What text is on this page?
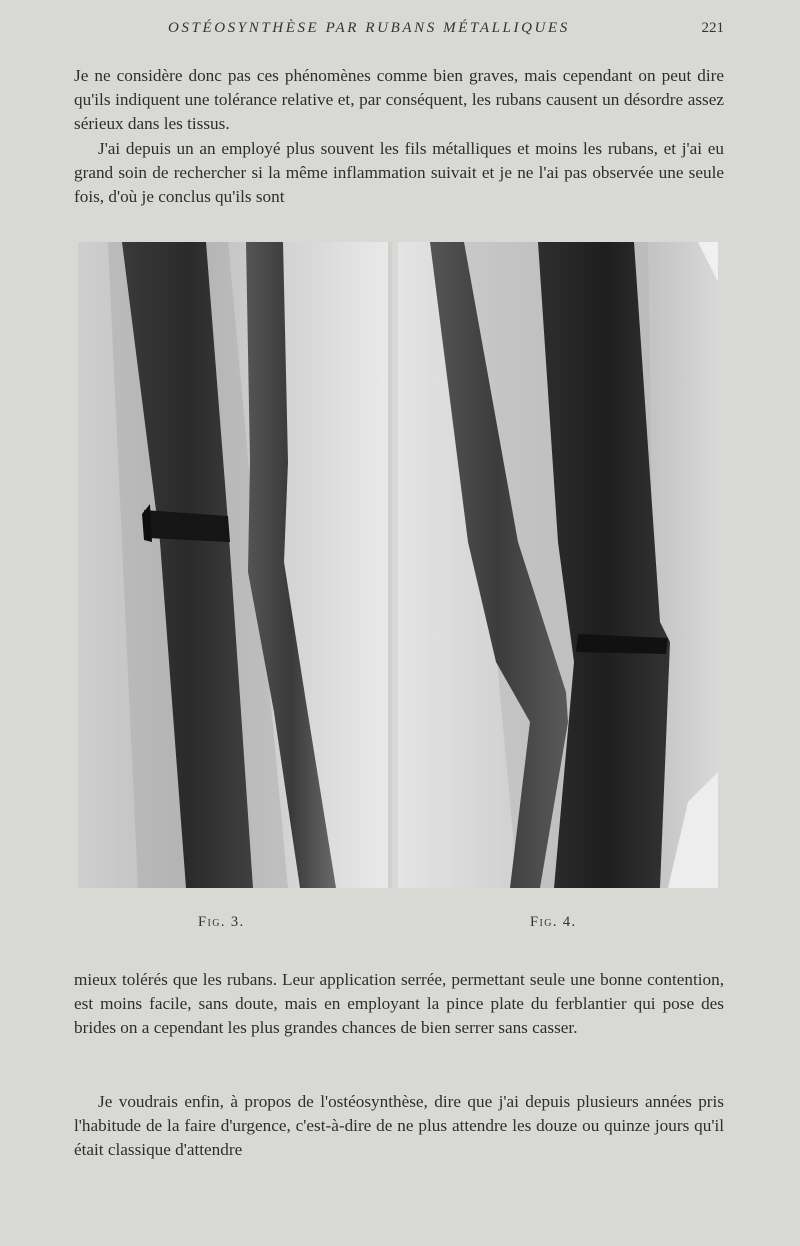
OSTÉOSYNTHÈSE PAR RUBANS MÉTALLIQUES	221

Je ne considère donc pas ces phénomènes comme bien graves, mais cependant on peut dire qu'ils indiquent une tolérance relative et, par conséquent, les rubans causent un désordre assez sérieux dans les tissus.

J'ai depuis un an employé plus souvent les fils métalliques et moins les rubans, et j'ai eu grand soin de rechercher si la même inflammation suivait et je ne l'ai pas observée une seule fois, d'où je conclus qu'ils sont

Fig. 3.	Fig. 4.

mieux tolérés que les rubans. Leur application serrée, permettant seule une bonne contention, est moins facile, sans doute, mais en employant la pince plate du ferblantier qui pose des brides on a cependant les plus grandes chances de bien serrer sans casser.

Je voudrais enfin, à propos de l'ostéosynthèse, dire que j'ai depuis plusieurs années pris l'habitude de la faire d'urgence, c'est-à-dire de ne plus attendre les douze ou quinze jours qu'il était classique d'attendre
